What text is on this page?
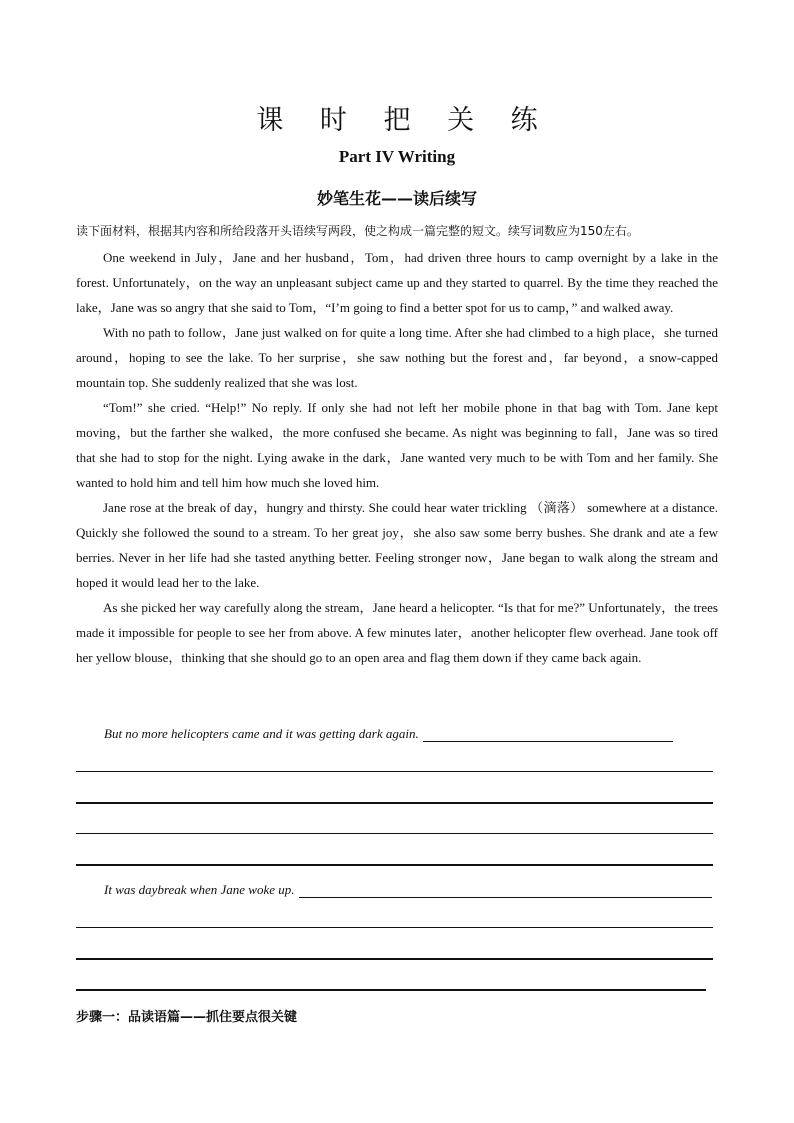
课 时 把 关 练
Part IV Writing
妙笔生花——读后续写
读下面材料，根据其内容和所给段落开头语续写两段，使之构成一篇完整的短文。续写词数应为150左右。

One weekend in July，Jane and her husband，Tom，had driven three hours to camp overnight by a lake in the forest. Unfortunately，on the way an unpleasant subject came up and they started to quarrel. By the time they reached the lake，Jane was so angry that she said to Tom，“I’m going to find a better spot for us to camp，” and walked away.

With no path to follow，Jane just walked on for quite a long time. After she had climbed to a high place，she turned around，hoping to see the lake. To her surprise，she saw nothing but the forest and，far beyond，a snow-capped mountain top. She suddenly realized that she was lost.

“Tom!” she cried. “Help!” No reply. If only she had not left her mobile phone in that bag with Tom. Jane kept moving，but the farther she walked，the more confused she became. As night was beginning to fall，Jane was so tired that she had to stop for the night. Lying awake in the dark，Jane wanted very much to be with Tom and her family. She wanted to hold him and tell him how much she loved him.

Jane rose at the break of day，hungry and thirsty. She could hear water trickling （滴落） somewhere at a distance. Quickly she followed the sound to a stream. To her great joy，she also saw some berry bushes. She drank and ate a few berries. Never in her life had she tasted anything better. Feeling stronger now，Jane began to walk along the stream and hoped it would lead her to the lake.

As she picked her way carefully along the stream，Jane heard a helicopter. “Is that for me?” Unfortunately，the trees made it impossible for people to see her from above. A few minutes later，another helicopter flew overhead. Jane took off her yellow blouse，thinking that she should go to an open area and flag them down if they came back again.

But no more helicopters came and it was getting dark again.
It was daybreak when Jane woke up.
步骤一：品读语篇——抓住要点很关键
